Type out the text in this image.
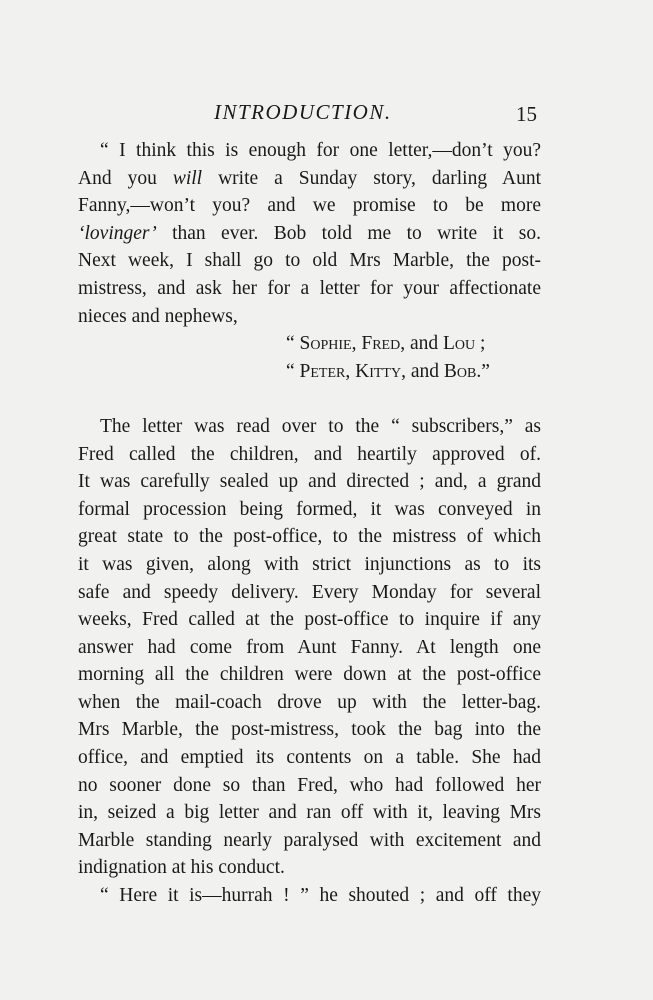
INTRODUCTION.	15
“ I think this is enough for one letter,—don’t you?
And you will write a Sunday story, darling Aunt
Fanny,—won’t you? and we promise to be more
‘lovinger’ than ever. Bob told me to write it so.
Next week, I shall go to old Mrs Marble, the post-
mistress, and ask her for a letter for your affectionate
nieces and nephews,
“ Sophie, Fred, and Lou ;
“ Peter, Kitty, and Bob.”
The letter was read over to the “ subscribers,” as
Fred called the children, and heartily approved of.
It was carefully sealed up and directed ; and, a grand
formal procession being formed, it was conveyed in
great state to the post-office, to the mistress of which
it was given, along with strict injunctions as to its
safe and speedy delivery. Every Monday for several
weeks, Fred called at the post-office to inquire if any
answer had come from Aunt Fanny. At length one
morning all the children were down at the post-office
when the mail-coach drove up with the letter-bag.
Mrs Marble, the post-mistress, took the bag into the
office, and emptied its contents on a table. She had
no sooner done so than Fred, who had followed her
in, seized a big letter and ran off with it, leaving Mrs
Marble standing nearly paralysed with excitement and
indignation at his conduct.
“ Here it is—hurrah ! ” he shouted ; and off they
